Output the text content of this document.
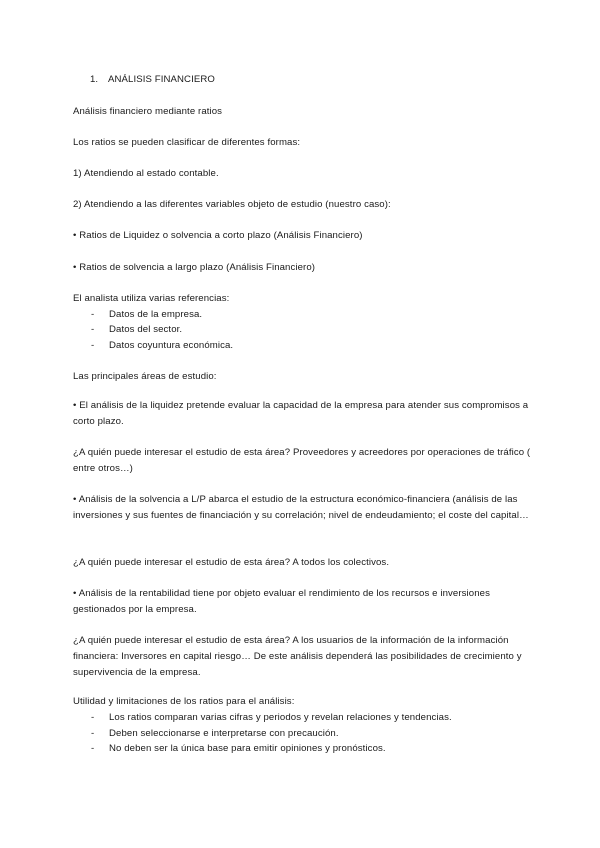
1. ANÁLISIS FINANCIERO
Análisis financiero mediante ratios
Los ratios se pueden clasificar de diferentes formas:
1) Atendiendo al estado contable.
2) Atendiendo a las diferentes variables objeto de estudio (nuestro caso):
• Ratios de Liquidez o solvencia a corto plazo (Análisis Financiero)
• Ratios de solvencia a largo plazo (Análisis Financiero)
El analista utiliza varias referencias:
- Datos de la empresa.
- Datos del sector.
- Datos coyuntura económica.
Las principales áreas de estudio:
• El análisis de la liquidez pretende evaluar la capacidad de la empresa para atender sus compromisos a corto plazo.
¿A quién puede interesar el estudio de esta área? Proveedores y acreedores por operaciones de tráfico ( entre otros…)
• Análisis de la solvencia a L/P abarca el estudio de la estructura económico-financiera (análisis de las inversiones y sus fuentes de financiación y su correlación; nivel de endeudamiento; el coste del capital…
¿A quién puede interesar el estudio de esta área? A todos los colectivos.
• Análisis de la rentabilidad tiene por objeto evaluar el rendimiento de los recursos e inversiones gestionados por la empresa.
¿A quién puede interesar el estudio de esta área? A los usuarios de la información de la información financiera: Inversores en capital riesgo… De este análisis dependerá las posibilidades de crecimiento y supervivencia de la empresa.
Utilidad y limitaciones de los ratios para el análisis:
- Los ratios comparan varias cifras y periodos y revelan relaciones y tendencias.
- Deben seleccionarse e interpretarse con precaución.
- No deben ser la única base para emitir opiniones y pronósticos.
